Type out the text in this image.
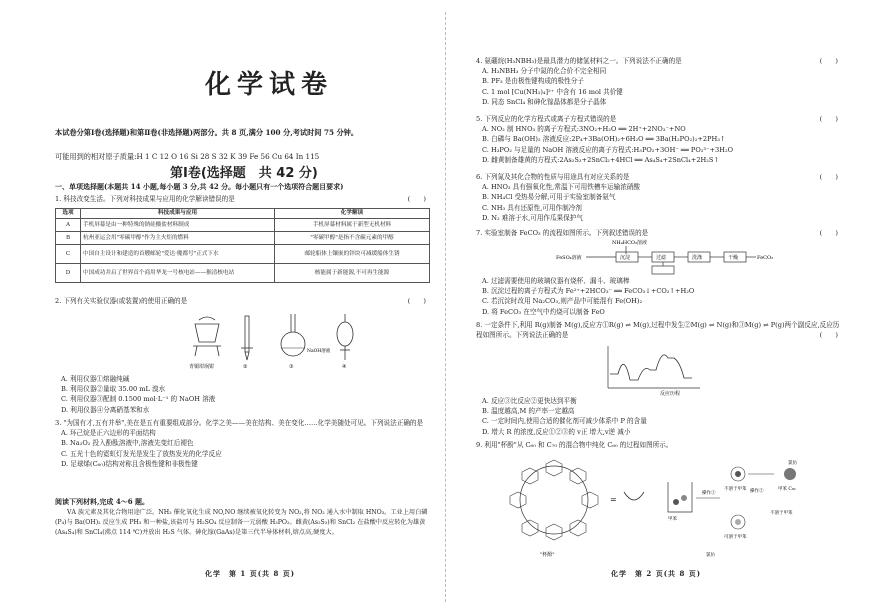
化学试卷
本试卷分第Ⅰ卷(选择题)和第Ⅱ卷(非选择题)两部分。共 8 页,满分 100 分,考试时间 75 分钟。
可能用到的相对原子质量:H 1 C 12 O 16 Si 28 S 32 K 39 Fe 56 Cu 64 In 115
第Ⅰ卷(选择题　共 42 分)
一、单项选择题(本题共 14 小题,每小题 3 分,共 42 分。每小题只有一个选项符合题目要求)
1. 科技改变生活。下列对科技成果与应用的化学解读错误的是	(　　)
选项	科技成果与应用	化学解读
A	手机屏幕是由一种特殊的钠硅酸盐材料制成	手机屏幕材料属于新型无机材料
B	杭州亚运会用"零碳甲醇"作为主火炬的燃料	"零碳甲醇"是指不含碳元素的甲醇
C	中国自主设计和建造的首艘邮轮"爱达·魔都号"正式下水	邮轮船体上镶嵌的锌块可减缓船体生锈
D	中国成功并启了世界首个商用华龙一号核电站——猴清核电站	核能属于新能源,不可再生能源
2. 下列有关实验仪器(或装置)的使用正确的是	(　　)
青铜坩埚钳	②	③
NaOH溶液
④
A. 利用仪器①熔融纯碱
B. 利用仪器②量取 35.00 mL 溴水
C. 利用仪器③配制 0.1500 mol·L⁻¹ 的 NaOH 溶液
D. 利用仪器④分离硝基苯和水
3. "为国有才,五有并举",美在是五有重要组成部分。化学之美——美在结构、美在变化……化学美随处可见。下列说法正确的是
A. 环己烷是正六边形的平面结构
B. Na₂O₂ 投入酚酞溶液中,溶液先变红后褪色
C. 五光十色的霓虹灯发光是发生了放热发光的化学反应
D. 足球烯(C₆₀)结构对称且含极性键和非极性键
阅读下列材料,完成 4～6 题。
ⅤA 族元素及其化合物用途广泛。NH₃ 催化氧化生成 NO,NO 继续被氧化转变为 NO₂,将 NO₂ 通入水中制取 HNO₃。工业上用白磷(P₄)与 Ba(OH)₂ 反应生成 PH₃ 和一种盐,该盐可与 H₂SO₄ 反应制备一元弱酸 H₃PO₂。雌黄(As₂S₃)和 SnCl₂ 在盐酸中反应转化为雄黄(As₄S₄)和 SnCl₄(沸点 114 ℃)并放出 H₂S 气体。砷化镓(GaAs)是第三代半导体材料,熔点高,硬度大。
化学　第 1 页(共 8 页)
4. 氨硼烷(H₃NBH₃)是最具潜力的储氢材料之一。下列说法不正确的是	(　　)
A. H₃NBH₃ 分子中氮的化合价不完全相同
B. PF₃ 是由极性键构成的极性分子
C. 1 mol [Cu(NH₃)₄]²⁺ 中含有 16 mol 共价键
D. 同态 SnCl₄ 和砷化镓晶体都是分子晶体
5. 下列反应的化学方程式或离子方程式错误的是	(　　)
A. NO₂ 制 HNO₃ 的离子方程式:3NO₂+H₂O ══ 2H⁺+2NO₃⁻+NO
B. 白磷与 Ba(OH)₂ 溶液反应:2P₄+3Ba(OH)₂+6H₂O ══ 3Ba(H₂PO₂)₂+2PH₃↑
C. H₃PO₂ 与足量的 NaOH 溶液反应的离子方程式:H₃PO₂+3OH⁻ ══ PO₂³⁻+3H₂O
D. 雌黄制备雄黄的方程式:2As₂S₃+2SnCl₂+4HCl ══ As₄S₄+2SnCl₄+2H₂S↑
6. 下列氮及其化合物的性质与用途具有对应关系的是	(　　)
A. HNO₃ 具有强氧化性,常温下可用铁槽车运输浓硝酸
B. NH₄Cl 受热易分解,可用于实验室制备氨气
C. NH₃ 具有还原性,可用作制冷剂
D. N₂ 难溶于水,可用作瓜果保护气
7. 实验室制备 FeCO₃ 的流程如图所示。下列叙述错误的是	(　　)
NH₄HCO₃溶液
FeSO₄溶液	沉淀	过滤	洗涤	干燥	FeCO₃
A. 过滤需要使用的玻璃仪器有烧杯、漏斗、玻璃棒
B. 沉淀过程的离子方程式为 Fe²⁺+2HCO₃⁻ ══ FeCO₃↓+CO₂↑+H₂O
C. 若沉淀时改用 Na₂CO₃,则产品中可能混有 Fe(OH)₂
D. 将 FeCO₃ 在空气中灼烧可以制备 FeO
8. 一定条件下,利用 R(g)制备 M(g),反应方①R(g) ⇌ M(g),过程中发生②M(g) ⇌ N(g)和③M(g) ⇌ P(g)两个副反应,反应历程如图所示。下列说法正确的是	(　　)
反应历程
A. 反应③比反应②更快达到平衡
B. 温度越高,M 的产率一定越高
C. 一定时间内,使用合适的催化剂可减少体系中 P 的含量
D. 增大 R 的浓度,反应①②③的 v正 增大,v逆 减小
9. 利用"杯酚"从 C₆₀ 和 C₇₀ 的混合物中纯化 C₆₀ 的过程如图所示。
"杯酚"
=
甲苯
操作①
不溶于甲苯
可溶于甲苯
操作②	甲苯 C₆₀
氯仿
不溶于甲苯
氯仿
化学　第 2 页(共 8 页)
